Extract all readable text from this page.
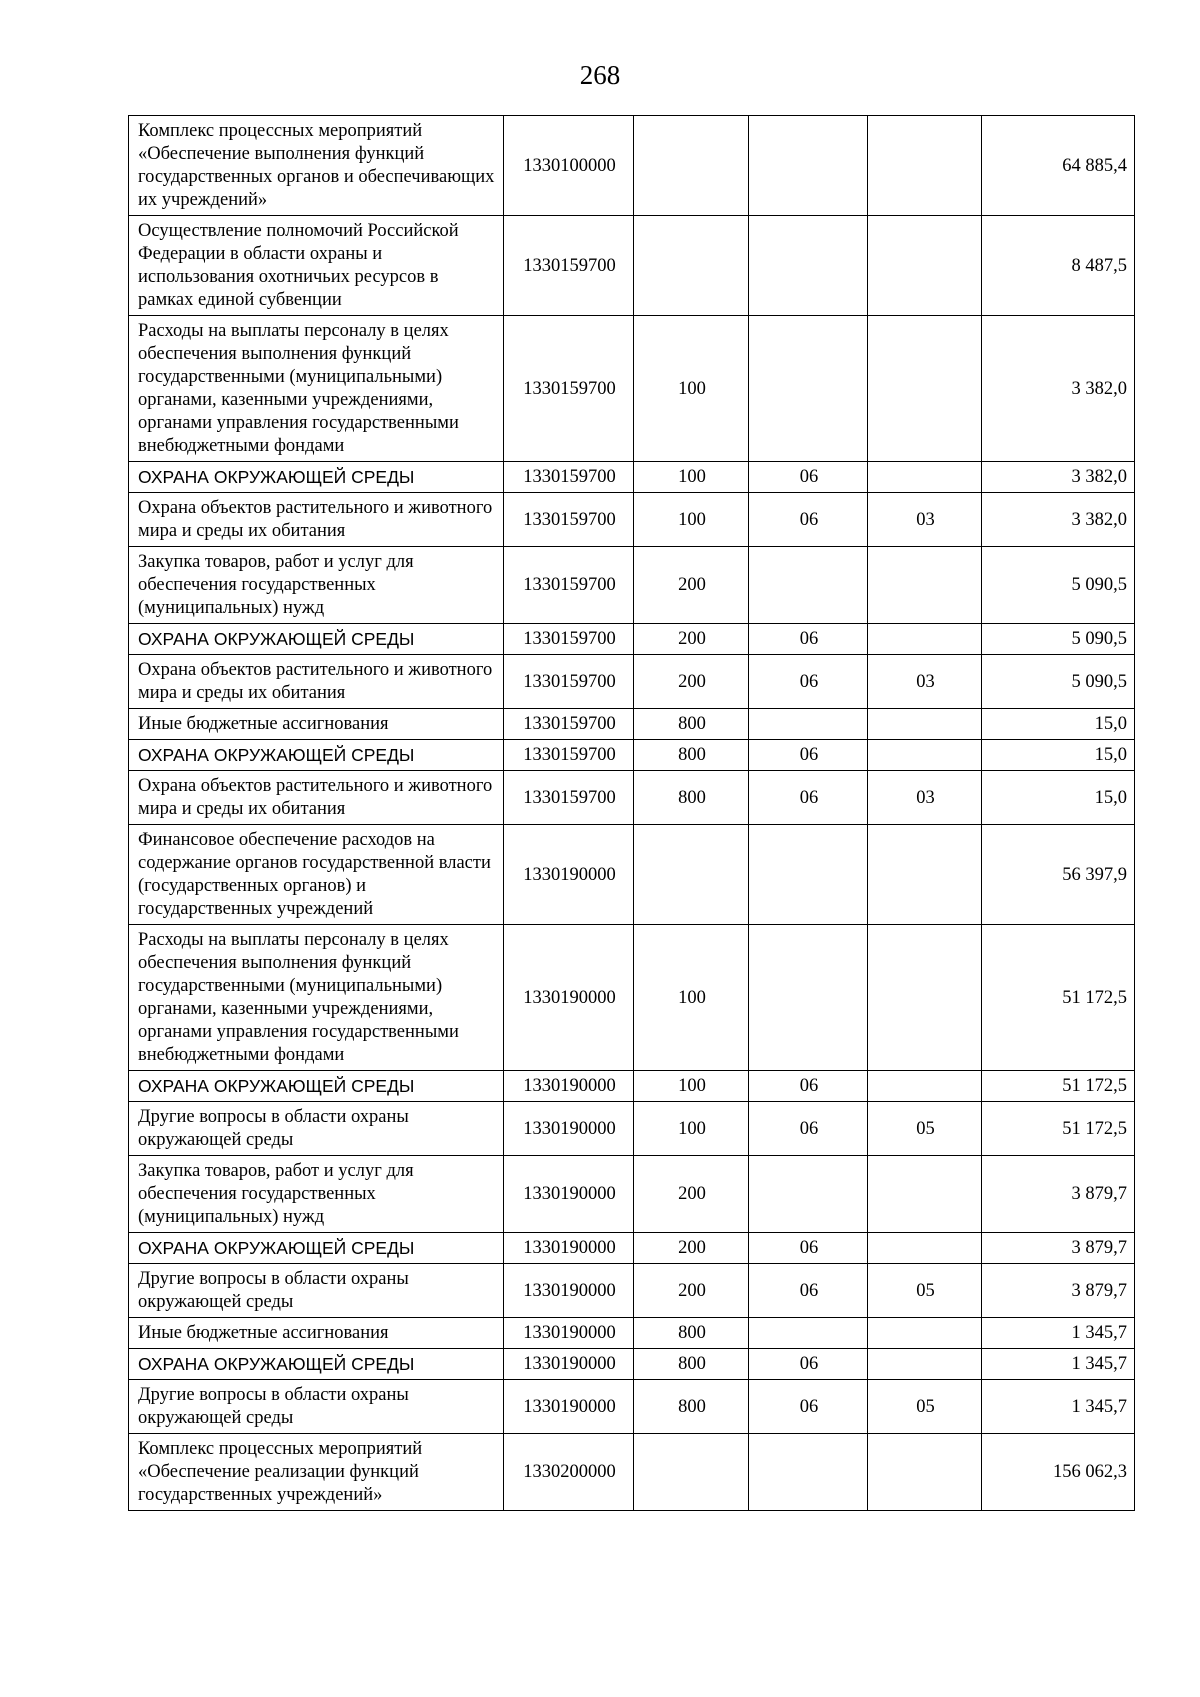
268
Комплекс процессных мероприятий «Обеспечение выполнения функций государственных органов и обеспечивающих их учреждений»	1330100000				64 885,4
Осуществление полномочий Российской Федерации в области охраны и использования охотничьих ресурсов в рамках единой субвенции	1330159700				8 487,5
Расходы на выплаты персоналу в целях обеспечения выполнения функций государственными (муниципальными) органами, казенными учреждениями, органами управления государственными внебюджетными фондами	1330159700	100			3 382,0
ОХРАНА ОКРУЖАЮЩЕЙ СРЕДЫ	1330159700	100	06		3 382,0
Охрана объектов растительного и животного мира и среды их обитания	1330159700	100	06	03	3 382,0
Закупка товаров, работ и услуг для обеспечения государственных (муниципальных) нужд	1330159700	200			5 090,5
ОХРАНА ОКРУЖАЮЩЕЙ СРЕДЫ	1330159700	200	06		5 090,5
Охрана объектов растительного и животного мира и среды их обитания	1330159700	200	06	03	5 090,5
Иные бюджетные ассигнования	1330159700	800			15,0
ОХРАНА ОКРУЖАЮЩЕЙ СРЕДЫ	1330159700	800	06		15,0
Охрана объектов растительного и животного мира и среды их обитания	1330159700	800	06	03	15,0
Финансовое обеспечение расходов на содержание органов государственной власти (государственных органов) и государственных учреждений	1330190000				56 397,9
Расходы на выплаты персоналу в целях обеспечения выполнения функций государственными (муниципальными) органами, казенными учреждениями, органами управления государственными внебюджетными фондами	1330190000	100			51 172,5
ОХРАНА ОКРУЖАЮЩЕЙ СРЕДЫ	1330190000	100	06		51 172,5
Другие вопросы в области охраны окружающей среды	1330190000	100	06	05	51 172,5
Закупка товаров, работ и услуг для обеспечения государственных (муниципальных) нужд	1330190000	200			3 879,7
ОХРАНА ОКРУЖАЮЩЕЙ СРЕДЫ	1330190000	200	06		3 879,7
Другие вопросы в области охраны окружающей среды	1330190000	200	06	05	3 879,7
Иные бюджетные ассигнования	1330190000	800			1 345,7
ОХРАНА ОКРУЖАЮЩЕЙ СРЕДЫ	1330190000	800	06		1 345,7
Другие вопросы в области охраны окружающей среды	1330190000	800	06	05	1 345,7
Комплекс процессных мероприятий «Обеспечение реализации функций государственных учреждений»	1330200000				156 062,3
